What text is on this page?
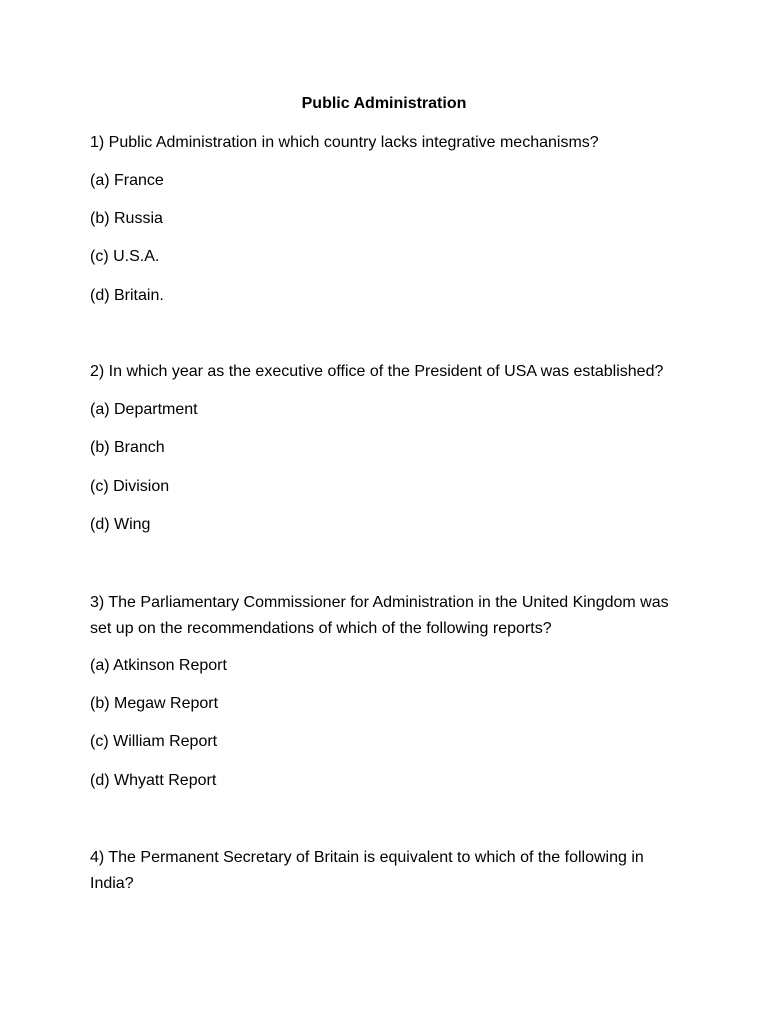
Public Administration
1) Public Administration in which country lacks integrative mechanisms?
(a) France
(b) Russia
(c) U.S.A.
(d) Britain.
2) In which year as the executive office of the President of USA was established?
(a) Department
(b) Branch
(c) Division
(d) Wing
3) The Parliamentary Commissioner for Administration in the United Kingdom was set up on the recommendations of which of the following reports?
(a) Atkinson Report
(b) Megaw Report
(c) William Report
(d) Whyatt Report
4) The Permanent Secretary of Britain is equivalent to which of the following in India?
